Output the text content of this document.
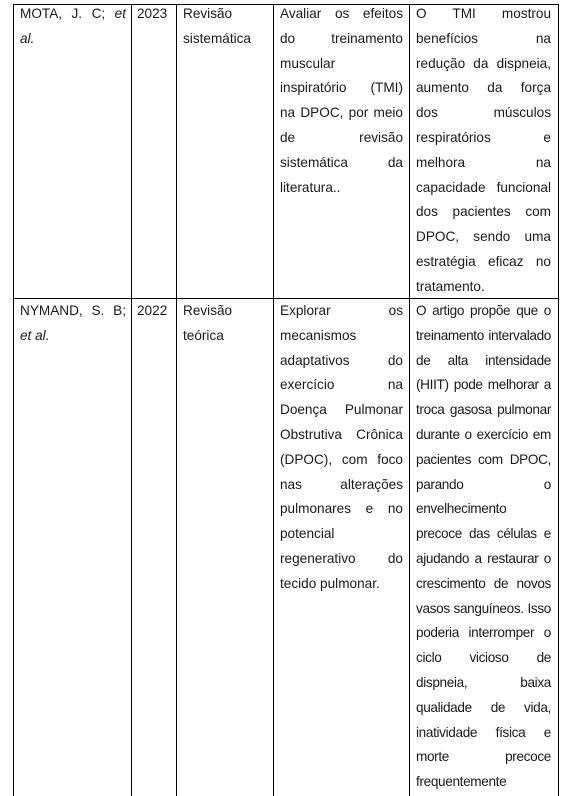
MOTA, J. C; et
al.
2023	Revisão
sistemática
Avaliar os efeitos
do treinamento
muscular
inspiratório (TMI)
na DPOC, por meio
de revisão
sistemática da
literatura..
O TMI mostrou
benefícios na
redução da dispneia,
aumento da força
dos músculos
respiratórios e
melhora na
capacidade funcional
dos pacientes com
DPOC, sendo uma
estratégia eficaz no
tratamento.
NYMAND, S. B;
et al.
2022	Revisão
teórica
Explorar os
mecanismos
adaptativos do
exercício na
Doença Pulmonar
Obstrutiva Crônica
(DPOC), com foco
nas alterações
pulmonares e no
potencial
regenerativo do
tecido pulmonar.
O artigo propõe que o
treinamento intervalado
de alta intensidade
(HIIT) pode melhorar a
troca gasosa pulmonar
durante o exercício em
pacientes com DPOC,
parando o
envelhecimento
precoce das células e
ajudando a restaurar o
crescimento de novos
vasos sanguíneos. Isso
poderia interromper o
ciclo vicioso de
dispneia, baixa
qualidade de vida,
inatividade física e
morte precoce
frequentemente
